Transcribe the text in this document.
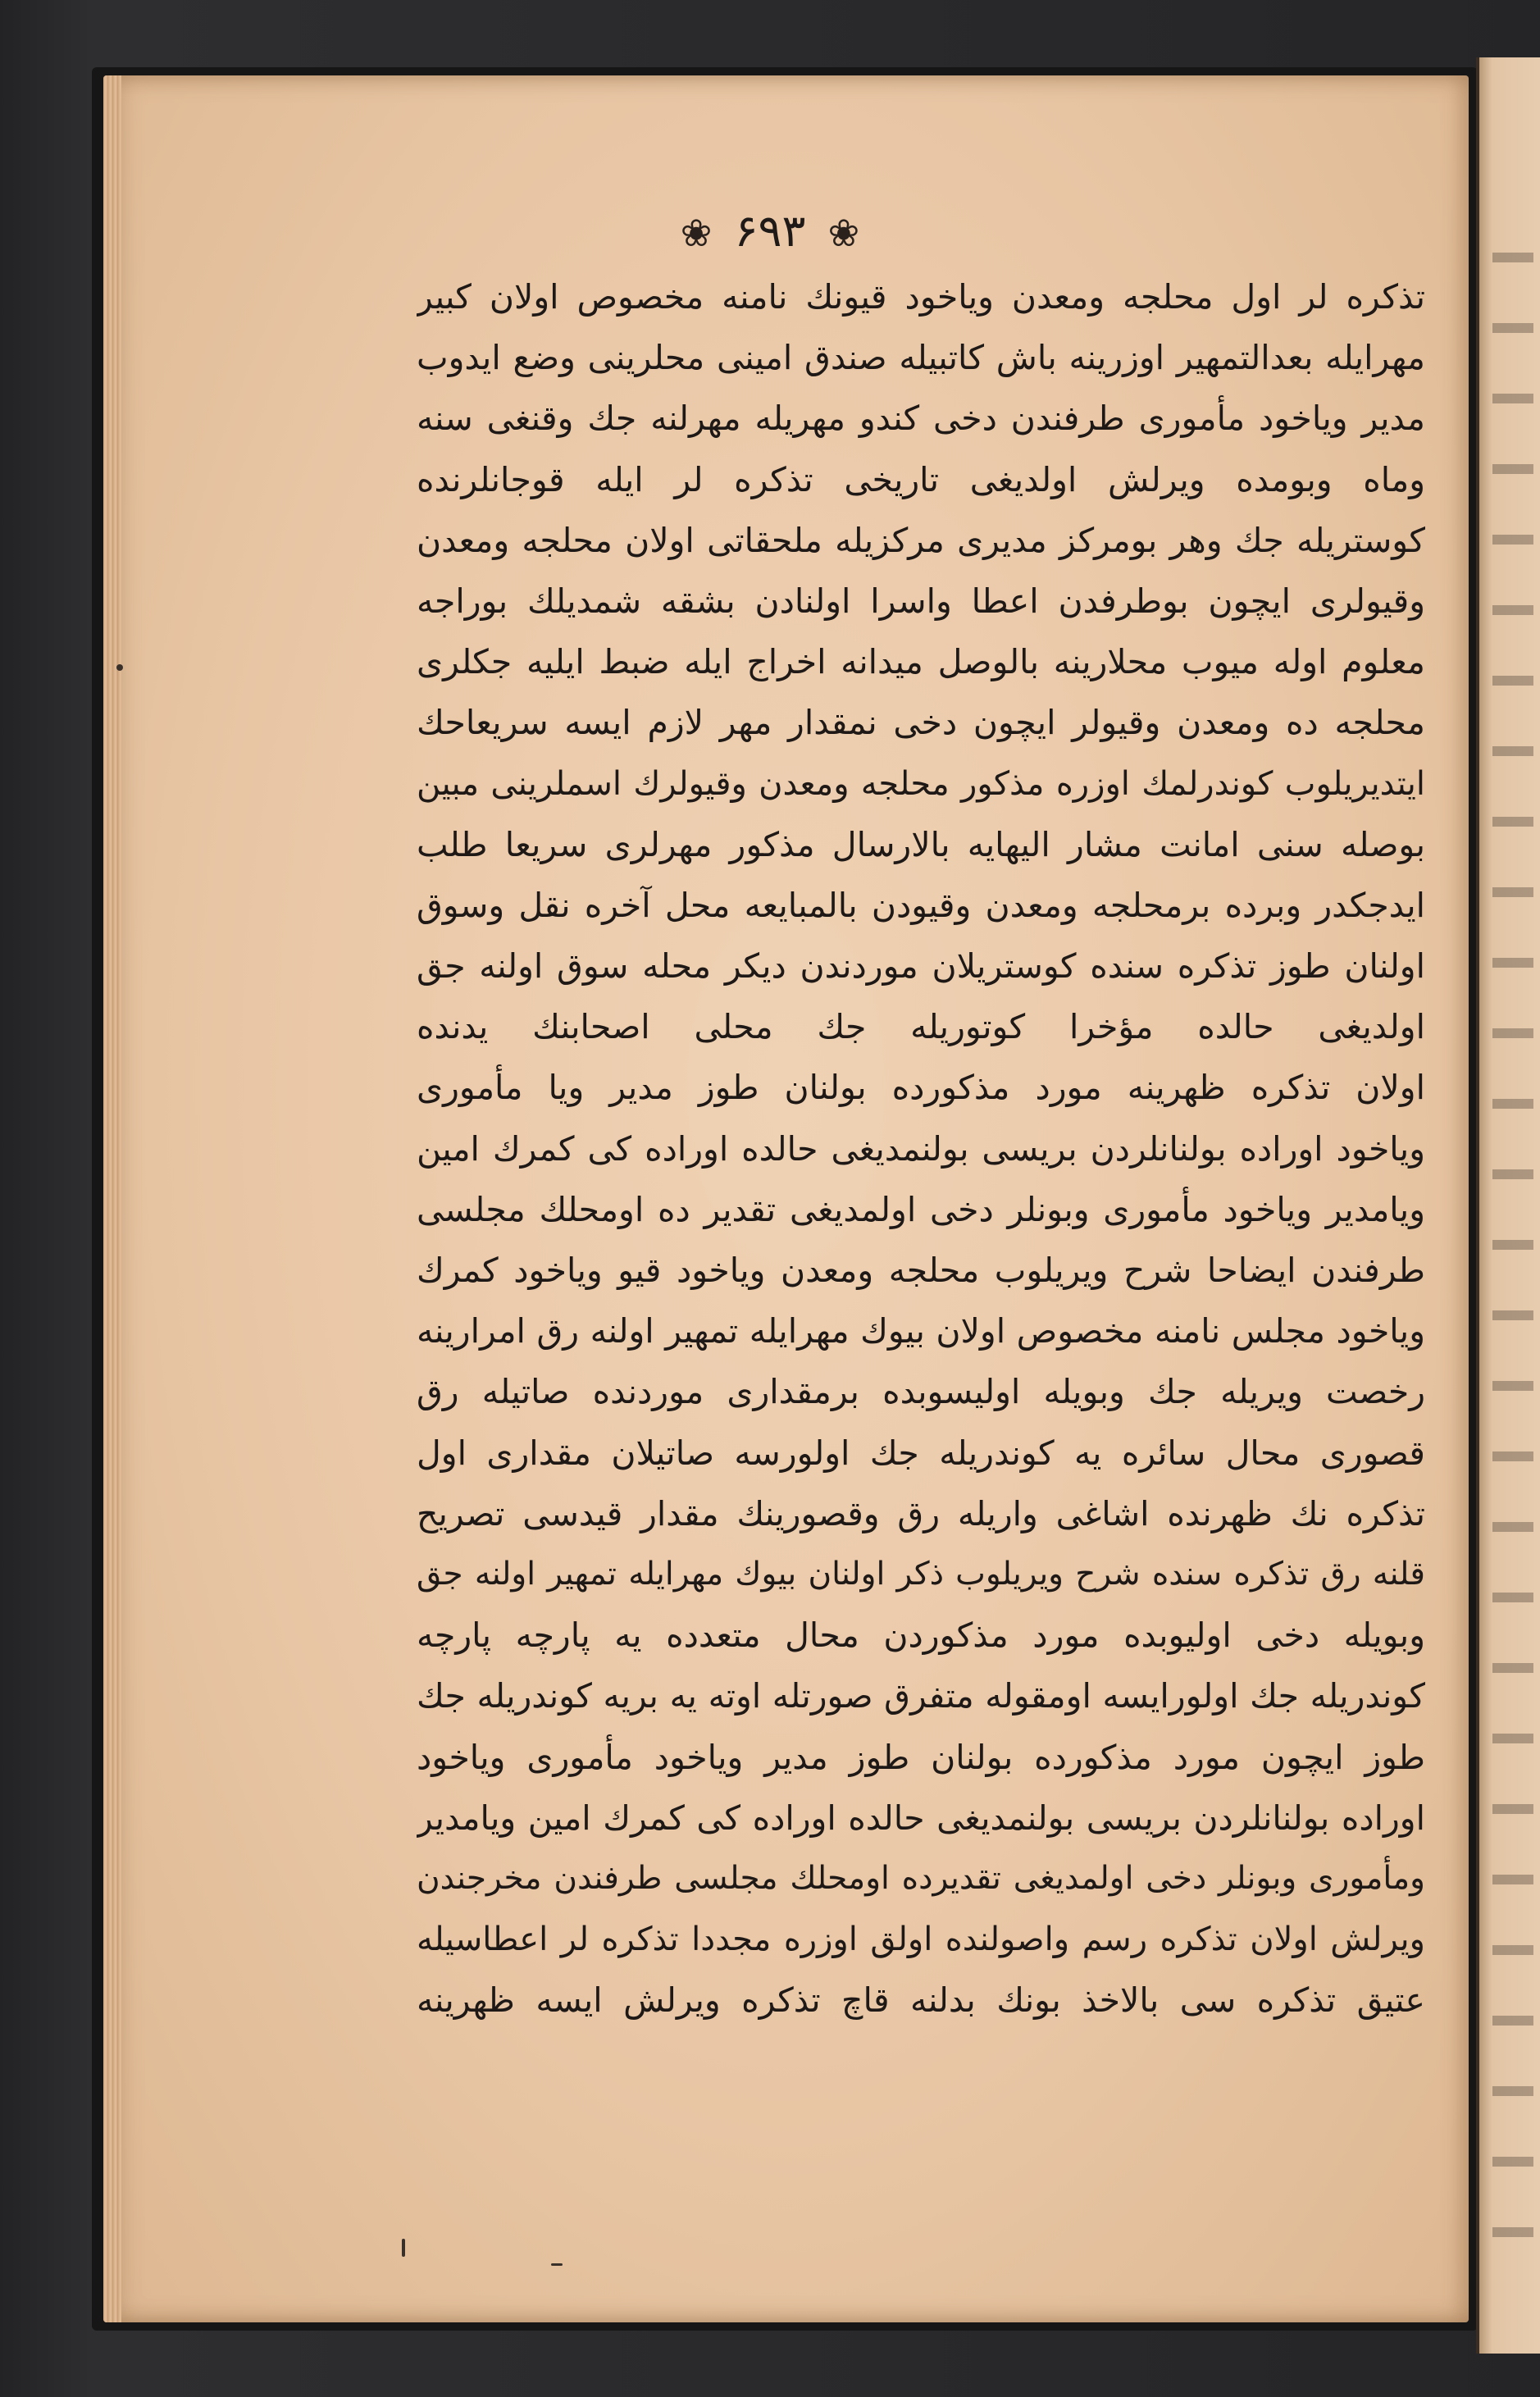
❀ ۶۹۳ ❀
تذکره لر اول محلجه ومعدن وياخود قيونك نامنه مخصوص اولان كبير
مهرايله بعدالتمهير اوزرينه باش كاتبيله صندق امينى محلرينى وضع ايدوب
مدير وياخود مأمورى طرفندن دخى كندو مهريله مهرلنه جك وقنغى سنه
وماه وبومده ويرلش اولديغى تاريخى تذكره لر ايله قوجانلرنده
كوستريله جك وهر بومركز مديرى مركزيله ملحقاتى اولان محلجه ومعدن
وقيولرى ايچون بوطرفدن اعطا واسرا اولنادن بشقه شمديلك بوراجه
معلوم اوله ميوب محلارينه بالوصل ميدانه اخراج ايله ضبط ايليه جكلرى
محلجه ده ومعدن وقيولر ايچون دخى نمقدار مهر لازم ايسه سريعاحك
ايتديريلوب كوندرلمك اوزره مذكور محلجه ومعدن وقيولرك اسملرينى مبين
بوصله سنى امانت مشار اليهايه بالارسال مذكور مهرلرى سريعا طلب
ايدجكدر وبرده برمحلجه ومعدن وقيودن بالمبايعه محل آخره نقل وسوق
اولنان طوز تذكره سنده كوستريلان موردندن ديكر محله سوق اولنه جق
اولديغى حالده مؤخرا كوتوريله جك محلى اصحابنك يدنده
اولان تذكره ظهرينه مورد مذكورده بولنان طوز مدير ويا مأمورى
وياخود اوراده بولنانلردن بريسى بولنمديغى حالده اوراده كى كمرك امين
ويامدير وياخود مأمورى وبونلر دخى اولمديغى تقدير ده اومحلك مجلسى
طرفندن ايضاحا شرح ويريلوب محلجه ومعدن وياخود قيو وياخود كمرك
وياخود مجلس نامنه مخصوص اولان بيوك مهرايله تمهير اولنه رق امرارينه
رخصت ويريله جك وبويله اوليسوبده برمقدارى موردنده صاتيله رق
قصورى محال سائره يه كوندريله جك اولورسه صاتيلان مقدارى اول
تذكره نك ظهرنده اشاغى واريله رق وقصورينك مقدار قيدسى تصريح
قلنه رق تذكره سنده شرح ويريلوب ذكر اولنان بيوك مهرايله تمهير اولنه جق
وبويله دخى اوليوبده مورد مذكوردن محال متعدده يه پارچه پارچه
كوندريله جك اولورايسه اومقوله متفرق صورتله اوته يه بريه كوندريله جك
طوز ايچون مورد مذكورده بولنان طوز مدير وياخود مأمورى وياخود
اوراده بولنانلردن بريسى بولنمديغى حالده اوراده كى كمرك امين ويامدير
ومأمورى وبونلر دخى اولمديغى تقديرده اومحلك مجلسى طرفندن مخرجندن
ويرلش اولان تذكره رسم واصولنده اولق اوزره مجددا تذكره لر اعطاسيله
عتيق تذكره سى بالاخذ بونك بدلنه قاچ تذكره ويرلش ايسه ظهرينه
